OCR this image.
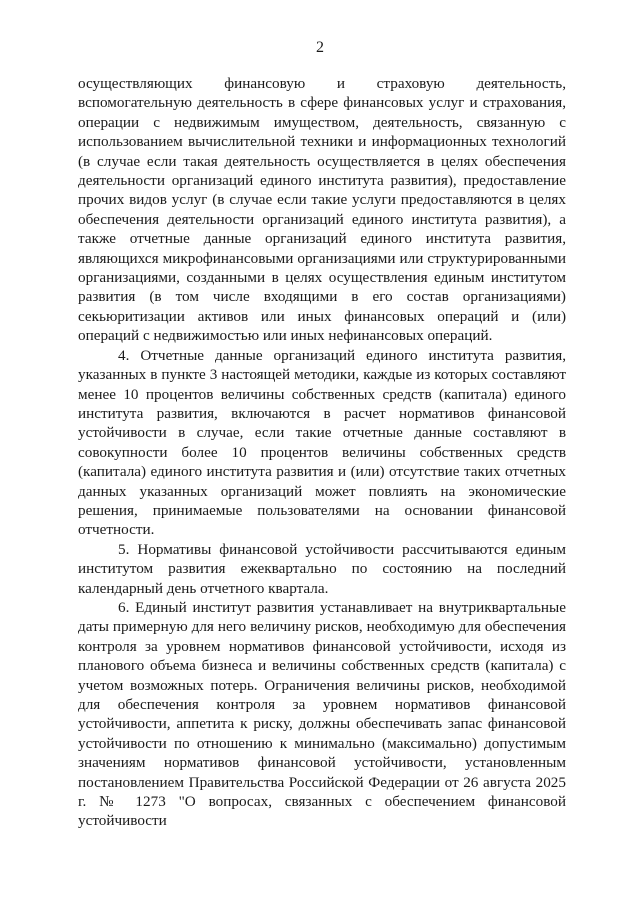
2

осуществляющих финансовую и страховую деятельность, вспомогательную деятельность в сфере финансовых услуг и страхования, операции с недвижимым имуществом, деятельность, связанную с использованием вычислительной техники и информационных технологий (в случае если такая деятельность осуществляется в целях обеспечения деятельности организаций единого института развития), предоставление прочих видов услуг (в случае если такие услуги предоставляются в целях обеспечения деятельности организаций единого института развития), а также отчетные данные организаций единого института развития, являющихся микрофинансовыми организациями или структурированными организациями, созданными в целях осуществления единым институтом развития (в том числе входящими в его состав организациями) секьюритизации активов или иных финансовых операций и (или) операций с недвижимостью или иных нефинансовых операций.

4. Отчетные данные организаций единого института развития, указанных в пункте 3 настоящей методики, каждые из которых составляют менее 10 процентов величины собственных средств (капитала) единого института развития, включаются в расчет нормативов финансовой устойчивости в случае, если такие отчетные данные составляют в совокупности более 10 процентов величины собственных средств (капитала) единого института развития и (или) отсутствие таких отчетных данных указанных организаций может повлиять на экономические решения, принимаемые пользователями на основании финансовой отчетности.

5. Нормативы финансовой устойчивости рассчитываются единым институтом развития ежеквартально по состоянию на последний календарный день отчетного квартала.

6. Единый институт развития устанавливает на внутриквартальные даты примерную для него величину рисков, необходимую для обеспечения контроля за уровнем нормативов финансовой устойчивости, исходя из планового объема бизнеса и величины собственных средств (капитала) с учетом возможных потерь. Ограничения величины рисков, необходимой для обеспечения контроля за уровнем нормативов финансовой устойчивости, аппетита к риску, должны обеспечивать запас финансовой устойчивости по отношению к минимально (максимально) допустимым значениям нормативов финансовой устойчивости, установленным постановлением Правительства Российской Федерации от 26 августа 2025 г. № 1273 "О вопросах, связанных с обеспечением финансовой устойчивости
